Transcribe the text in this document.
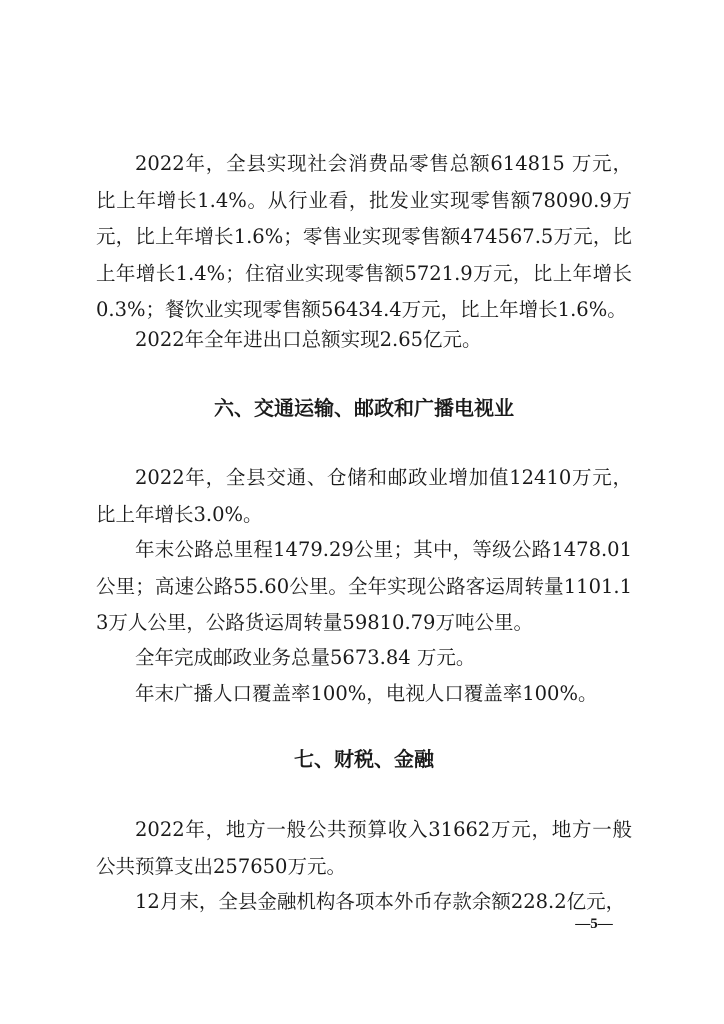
2022年，全县实现社会消费品零售总额614815 万元，比上年增长1.4%。从行业看，批发业实现零售额78090.9万元，比上年增长1.6%；零售业实现零售额474567.5万元，比上年增长1.4%；住宿业实现零售额5721.9万元，比上年增长0.3%；餐饮业实现零售额56434.4万元，比上年增长1.6%。

2022年全年进出口总额实现2.65亿元。

六、交通运输、邮政和广播电视业

2022年，全县交通、仓储和邮政业增加值12410万元，比上年增长3.0%。

年末公路总里程1479.29公里；其中，等级公路1478.01公里；高速公路55.60公里。全年实现公路客运周转量1101.13万人公里，公路货运周转量59810.79万吨公里。

全年完成邮政业务总量5673.84 万元。

年末广播人口覆盖率100%，电视人口覆盖率100%。

七、财税、金融

2022年，地方一般公共预算收入31662万元，地方一般公共预算支出257650万元。

12月末，全县金融机构各项本外币存款余额228.2亿元，

—5—
